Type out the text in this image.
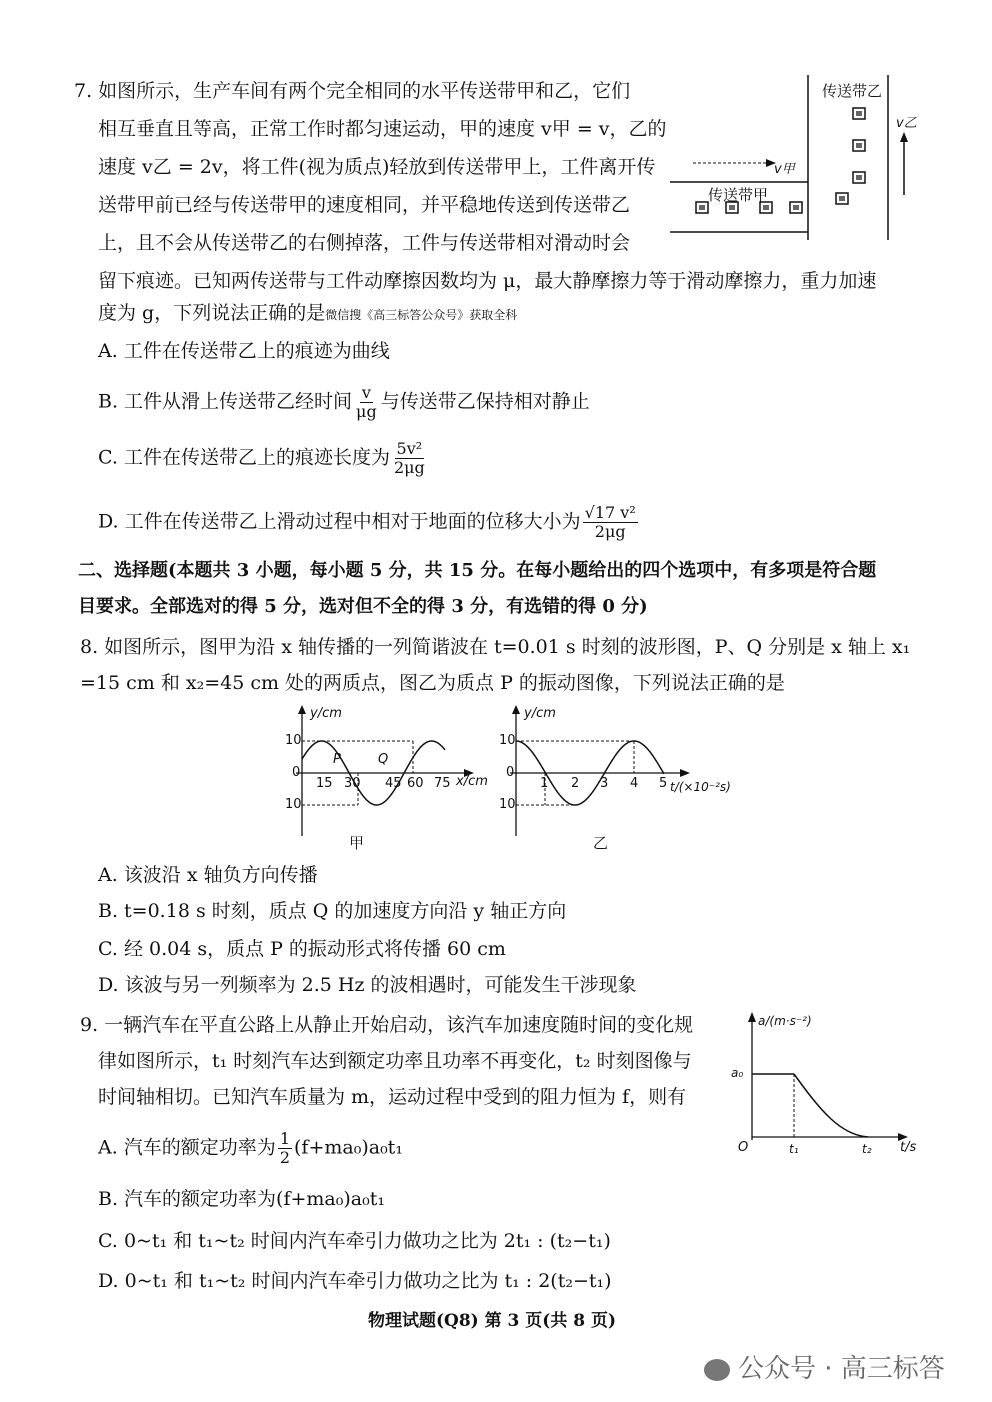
7. 如图所示，生产车间有两个完全相同的水平传送带甲和乙，它们
相互垂直且等高，正常工作时都匀速运动，甲的速度 v甲 = v，乙的
速度 v乙 = 2v，将工件(视为质点)轻放到传送带甲上，工件离开传
送带甲前已经与传送带甲的速度相同，并平稳地传送到传送带乙
上，且不会从传送带乙的右侧掉落，工件与传送带相对滑动时会
留下痕迹。已知两传送带与工件动摩擦因数均为 μ，最大静摩擦力等于滑动摩擦力，重力加速
度为 g，下列说法正确的是微信搜《高三标答公众号》获取全科
传送带乙
传送带甲
v乙
v甲
A. 工件在传送带乙上的痕迹为曲线
B. 工件从滑上传送带乙经时间 $\frac{v}{\mu g}$ 与传送带乙保持相对静止
C. 工件在传送带乙上的痕迹长度为 $\frac{\text{5v²}}{2\mu g}$
D. 工件在传送带乙上滑动过程中相对于地面的位移大小为 $\frac{\text{√17 v²}}{2\mu g}$
二、选择题(本题共 3 小题，每小题 5 分，共 15 分。在每小题给出的四个选项中，有多项是符合题
目要求。全部选对的得 5 分，选对但不全的得 3 分，有选错的得 0 分)
8. 如图所示，图甲为沿 x 轴传播的一列简谐波在 t=0.01 s 时刻的波形图，P、Q 分别是 x 轴上 x₁
=15 cm 和 x₂=45 cm 处的两质点，图乙为质点 P 的振动图像，下列说法正确的是
y/cm
10
0
10
15 30 45 60 75 x/cm
P	Q
甲
y/cm
10
0
10
1 2 3 4 5 t/(×10⁻²s)
乙
A. 该波沿 x 轴负方向传播
B. t=0.18 s 时刻，质点 Q 的加速度方向沿 y 轴正方向
C. 经 0.04 s，质点 P 的振动形式将传播 60 cm
D. 该波与另一列频率为 2.5 Hz 的波相遇时，可能发生干涉现象
9. 一辆汽车在平直公路上从静止开始启动，该汽车加速度随时间的变化规
律如图所示，t₁ 时刻汽车达到额定功率且功率不再变化，t₂ 时刻图像与
时间轴相切。已知汽车质量为 m，运动过程中受到的阻力恒为 f，则有
a/(m·s⁻²)
a₀
O	t₁	t₂ t/s
A. 汽车的额定功率为 $\frac{1}{2} (f+ma_0)a_0t_1$
B. 汽车的额定功率为(f+ma₀)a₀t₁
C. 0~t₁ 和 t₁~t₂ 时间内汽车牵引力做功之比为 2t₁ : (t₂−t₁)
D. 0~t₁ 和 t₁~t₂ 时间内汽车牵引力做功之比为 t₁ : 2(t₂−t₁)
物理试题(Q8) 第 3 页(共 8 页)
公众号 · 高三标答
